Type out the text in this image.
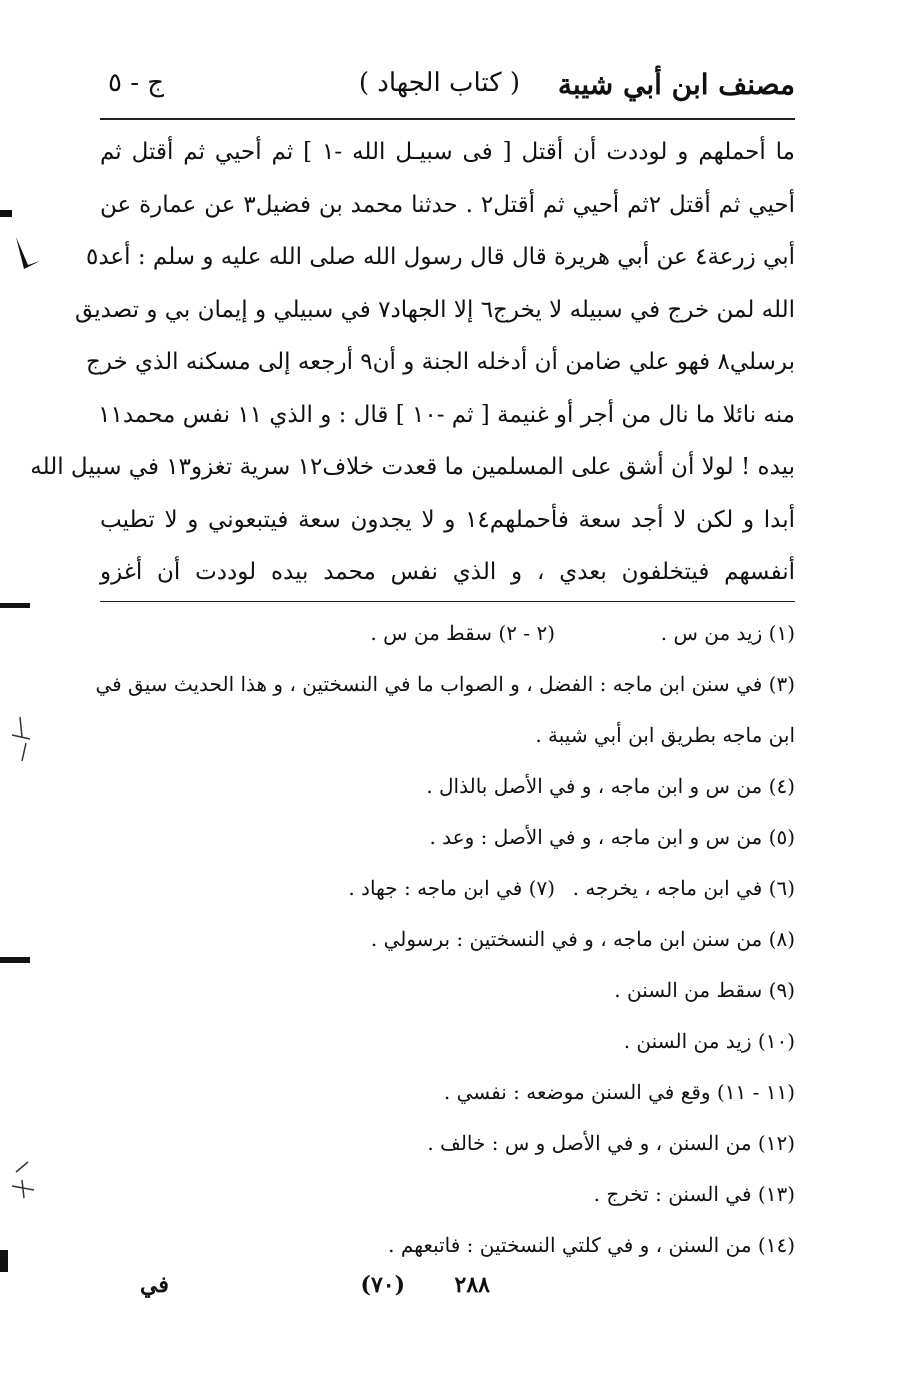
مصنف ابن أبي شيبة
( كتاب الجهاد )
ج - ٥
ما أحملهم و لوددت أن أقتل [ فى سبيـل الله -١ ] ثم أحيي ثم أقتل ثم
أحيي ثم أقتل ٢ثم أحيي ثم أقتل٢ . حدثنا محمد بن فضيل٣ عن عمارة عن
أبي زرعة٤ عن أبي هريرة قال قال رسول الله صلى الله عليه و سلم : أعد٥
الله لمن خرج في سبيله لا يخرج٦ إلا الجهاد٧ في سبيلي و إيمان بي و تصديق
برسلي٨ فهو علي ضامن أن أدخله الجنة و أن٩ أرجعه إلى مسكنه الذي خرج
منه نائلا ما نال من أجر أو غنيمة [ ثم -١٠ ] قال : و الذي ١١ نفس محمد١١
بيده ! لولا أن أشق على المسلمين ما قعدت خلاف١٢ سرية تغزو١٣ في سبيل الله
أبدا و لكن لا أجد سعة فأحملهم١٤ و لا يجدون سعة فيتبعوني و لا تطيب
أنفسهم فيتخلفون بعدي ، و الذي نفس محمد بيده لوددت أن أغزو
(١) زيد من س .
(٢ - ٢) سقط من س .
(٣) في سنن ابن ماجه : الفضل ، و الصواب ما في النسختين ، و هذا الحديث سيق في
ابن ماجه بطريق ابن أبي شيبة .
(٤) من س و ابن ماجه ، و في الأصل بالذال .
(٥) من س و ابن ماجه ، و في الأصل : وعد .
(٦) في ابن ماجه ، يخرجه .
(٧) في ابن ماجه : جهاد .
(٨) من سنن ابن ماجه ، و في النسختين : برسولي .
(٩) سقط من السنن .
(١٠) زيد من السنن .
(١١ - ١١) وقع في السنن موضعه : نفسي .
(١٢) من السنن ، و في الأصل و س : خالف .
(١٣) في السنن : تخرج .
(١٤) من السنن ، و في كلتي النسختين : فاتبعهم .
٢٨٨
(٧٠)
في
